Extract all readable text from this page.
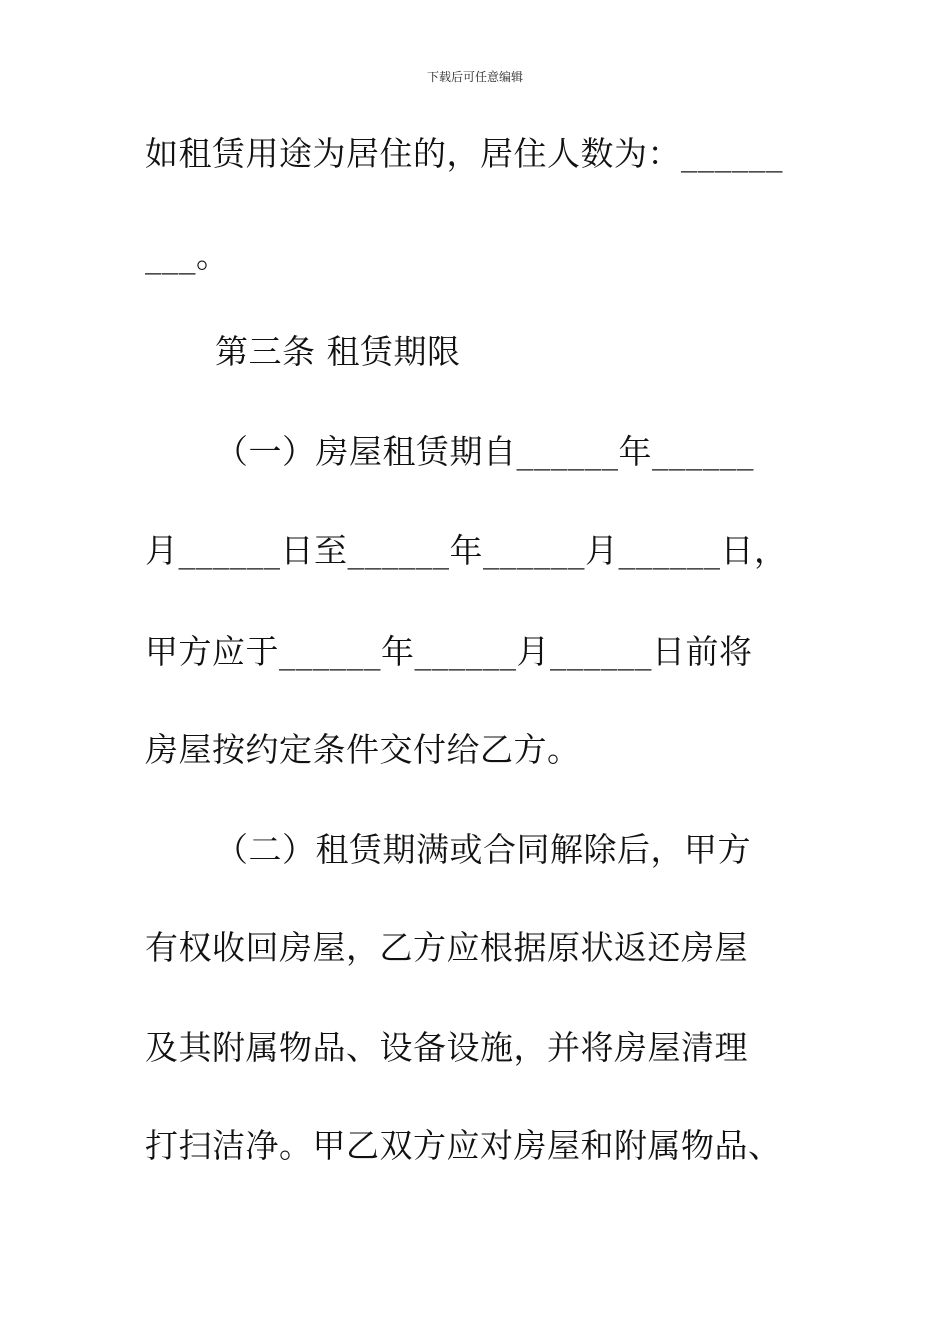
下载后可任意编辑
如租赁用途为居住的，居住人数为：______
___。
第三条 租赁期限
（一）房屋租赁期自______年______
月______日至______年______月______日，
甲方应于______年______月______日前将
房屋按约定条件交付给乙方。
（二）租赁期满或合同解除后，甲方
有权收回房屋，乙方应根据原状返还房屋
及其附属物品、设备设施，并将房屋清理
打扫洁净。甲乙双方应对房屋和附属物品、
